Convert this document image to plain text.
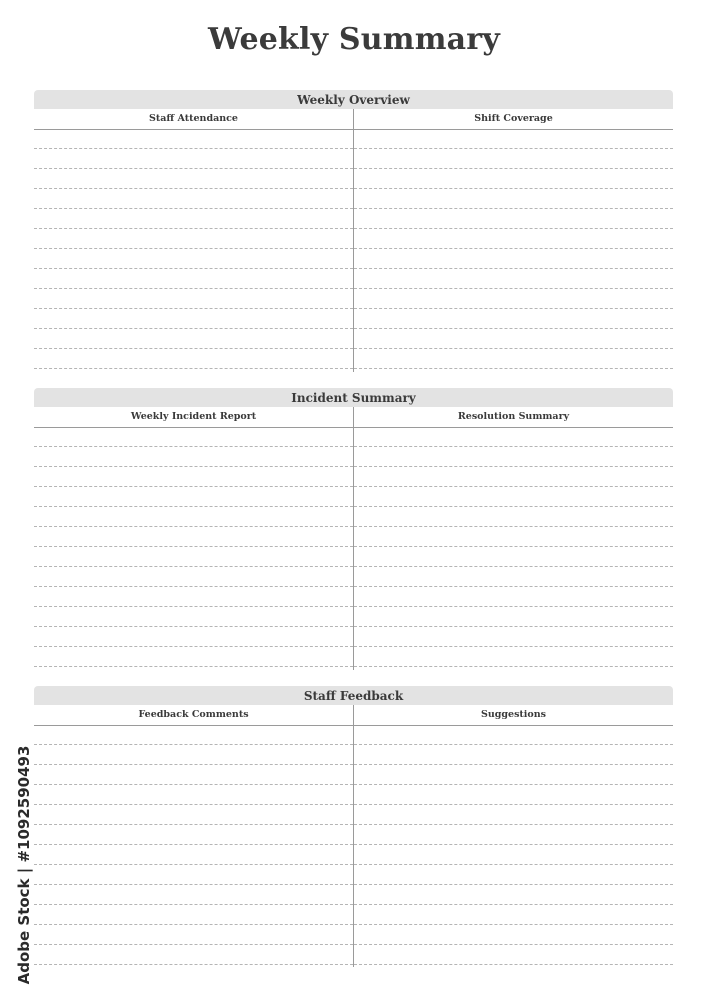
Weekly Summary
Weekly Overview
Staff Attendance	Shift Coverage
Incident Summary
Weekly Incident Report	Resolution Summary
Staff Feedback
Feedback Comments	Suggestions
Adobe Stock | #1092590493
